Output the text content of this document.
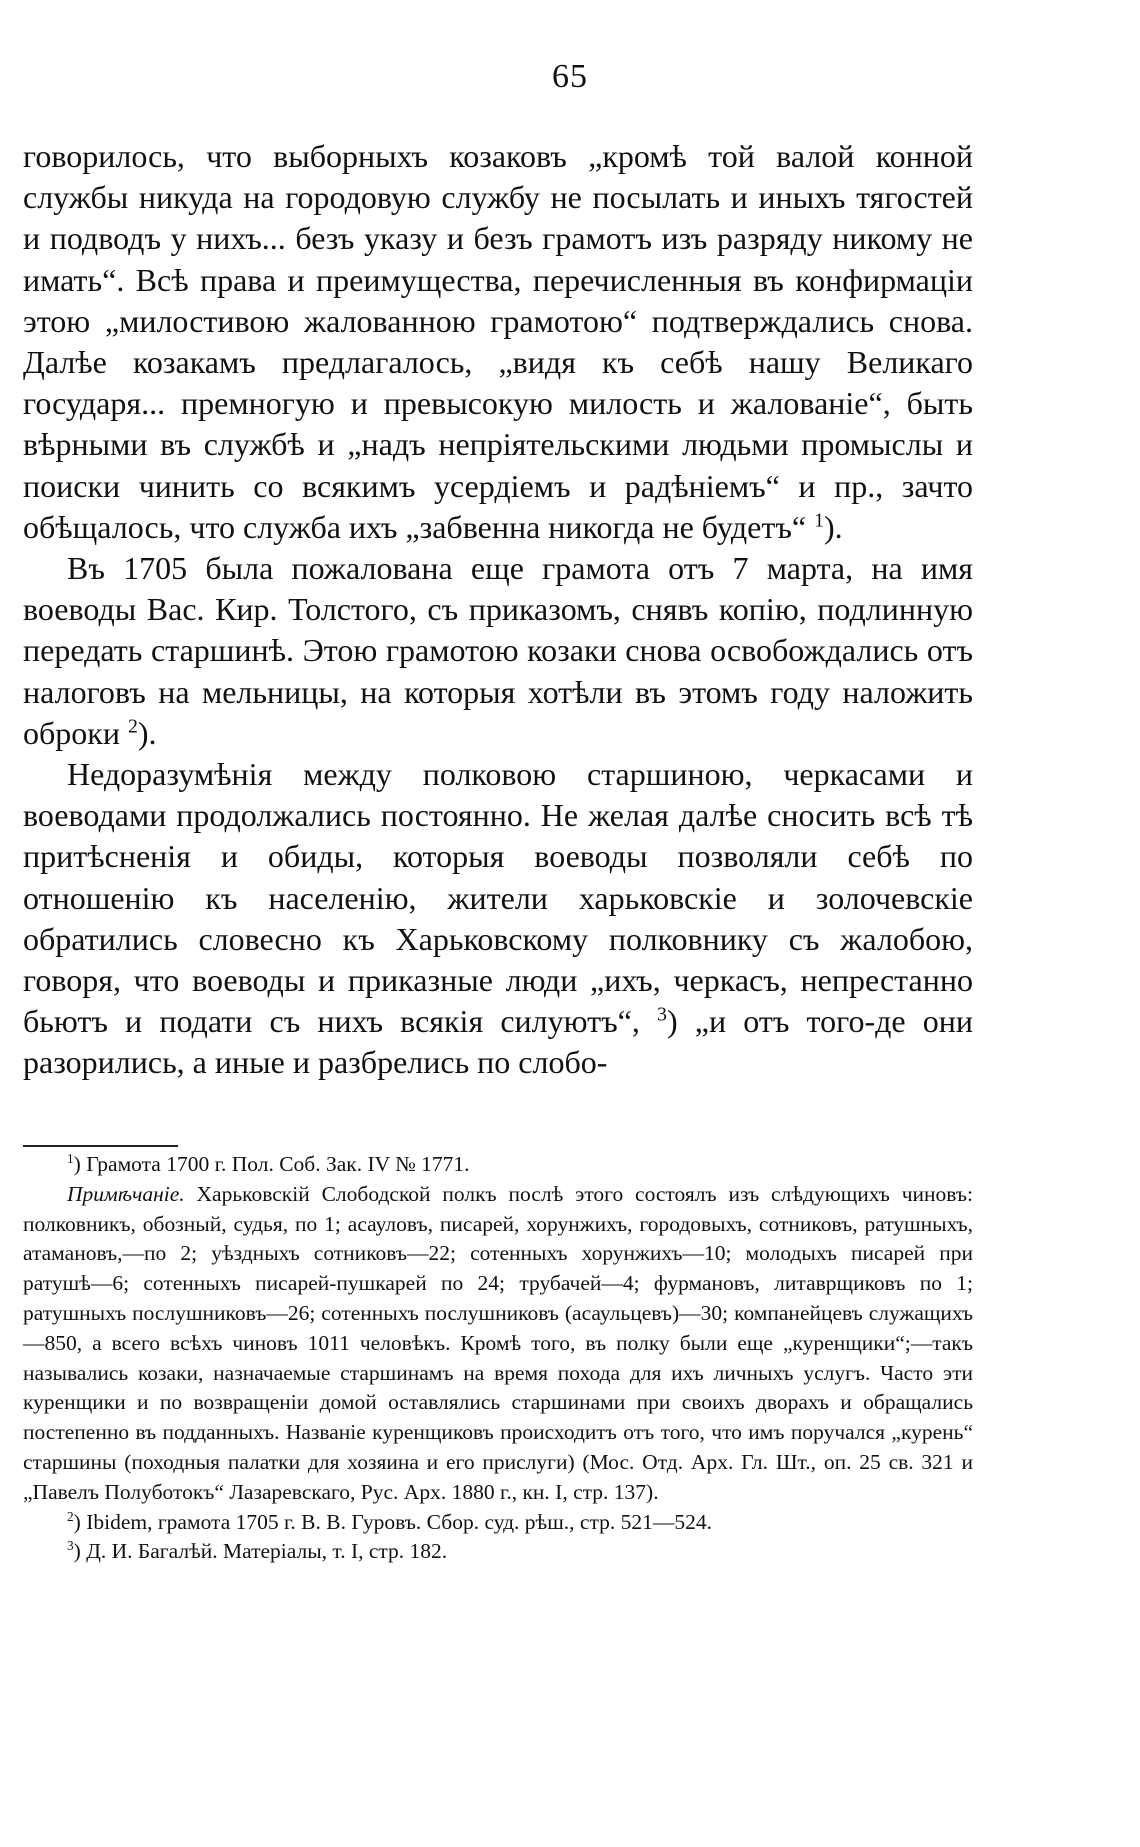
65

говорилось, что выборныхъ козаковъ „кромѣ той валой конной службы никуда на городовую службу не посылать и иныхъ тягостей и подводъ у нихъ... безъ указу и безъ грамотъ изъ разряду никому не имать“. Всѣ права и преимущества, перечисленныя въ конфирмаціи этою „милостивою жалованною грамотою“ подтверждались снова. Далѣе козакамъ предлагалось, „видя къ себѣ нашу Великаго государя... премногую и превысокую милость и жалованіе“, быть вѣрными въ службѣ и „надъ непріятельскими людьми промыслы и поиски чинить со всякимъ усердіемъ и радѣніемъ“ и пр., зачто обѣщалось, что служба ихъ „забвенна никогда не будетъ“ $^1$).

Въ 1705 была пожалована еще грамота отъ 7 марта, на имя воеводы Вас. Кир. Толстого, съ приказомъ, снявъ копію, подлинную передать старшинѣ. Этою грамотою козаки снова освобождались отъ налоговъ на мельницы, на которыя хотѣли въ этомъ году наложить оброки $^2$).

Недоразумѣнія между полковою старшиною, черкасами и воеводами продолжались постоянно. Не желая далѣе сносить всѣ тѣ притѣсненія и обиды, которыя воеводы позволяли себѣ по отношенію къ населенію, жители харьковскіе и золочевскіе обратились словесно къ Харьковскому полковнику съ жалобою, говоря, что воеводы и приказные люди „ихъ, черкасъ, непрестанно бьютъ и подати съ нихъ всякія силуютъ“, $^3$) „и отъ того-де они разорились, а иные и разбрелись по слобо-

$^1$) Грамота 1700 г. Пол. Соб. Зак. IV № 1771.

Примѣчаніе. Харьковскій Слободской полкъ послѣ этого состоялъ изъ слѣдующихъ чиновъ: полковникъ, обозный, судья, по 1; асауловъ, писарей, хорунжихъ, городовыхъ, сотниковъ, ратушныхъ, атамановъ,—по 2; уѣздныхъ сотниковъ—22; сотенныхъ хорунжихъ—10; молодыхъ писарей при ратушѣ—6; сотенныхъ писарей-пушкарей по 24; трубачей—4; фурмановъ, литаврщиковъ по 1; ратушныхъ послушниковъ—26; сотенныхъ послушниковъ (асаульцевъ)—30; компанейцевъ служащихъ—850, а всего всѣхъ чиновъ 1011 человѣкъ. Кромѣ того, въ полку были еще „куренщики“;—такъ назывались козаки, назначаемые старшинамъ на время похода для ихъ личныхъ услугъ. Часто эти куренщики и по возвращеніи домой оставлялись старшинами при своихъ дворахъ и обращались постепенно въ подданныхъ. Названіе куренщиковъ происходитъ отъ того, что имъ поручался „курень“ старшины (походныя палатки для хозяина и его прислуги) (Мос. Отд. Арх. Гл. Шт., оп. 25 св. 321 и „Павелъ Полуботокъ“ Лазаревскаго, Рус. Арх. 1880 г., кн. I, стр. 137).

$^2$) Ibidem, грамота 1705 г. В. В. Гуровъ. Сбор. суд. рѣш., стр. 521—524.

$^3$) Д. И. Багалѣй. Матеріалы, т. I, стр. 182.
